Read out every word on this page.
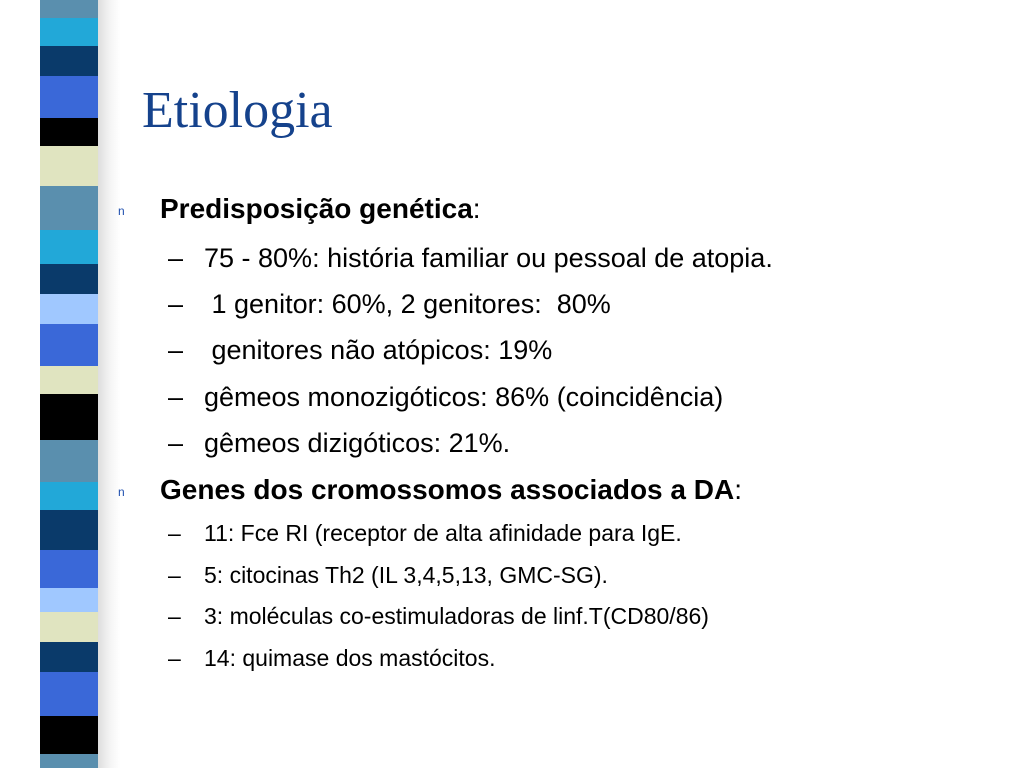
Etiologia
n	Predisposição genética:
– 75 - 80%: história familiar ou pessoal de atopia.
– 1 genitor: 60%, 2 genitores:  80%
– genitores não atópicos: 19%
– gêmeos monozigóticos: 86% (coincidência)
– gêmeos dizigóticos: 21%.
n	Genes dos cromossomos associados a DA:
–	11: Fce RI (receptor de alta afinidade para IgE.
–	5: citocinas Th2 (IL 3,4,5,13, GMC-SG).
–	3: moléculas co-estimuladoras de linf.T(CD80/86)
–	14: quimase dos mastócitos.
